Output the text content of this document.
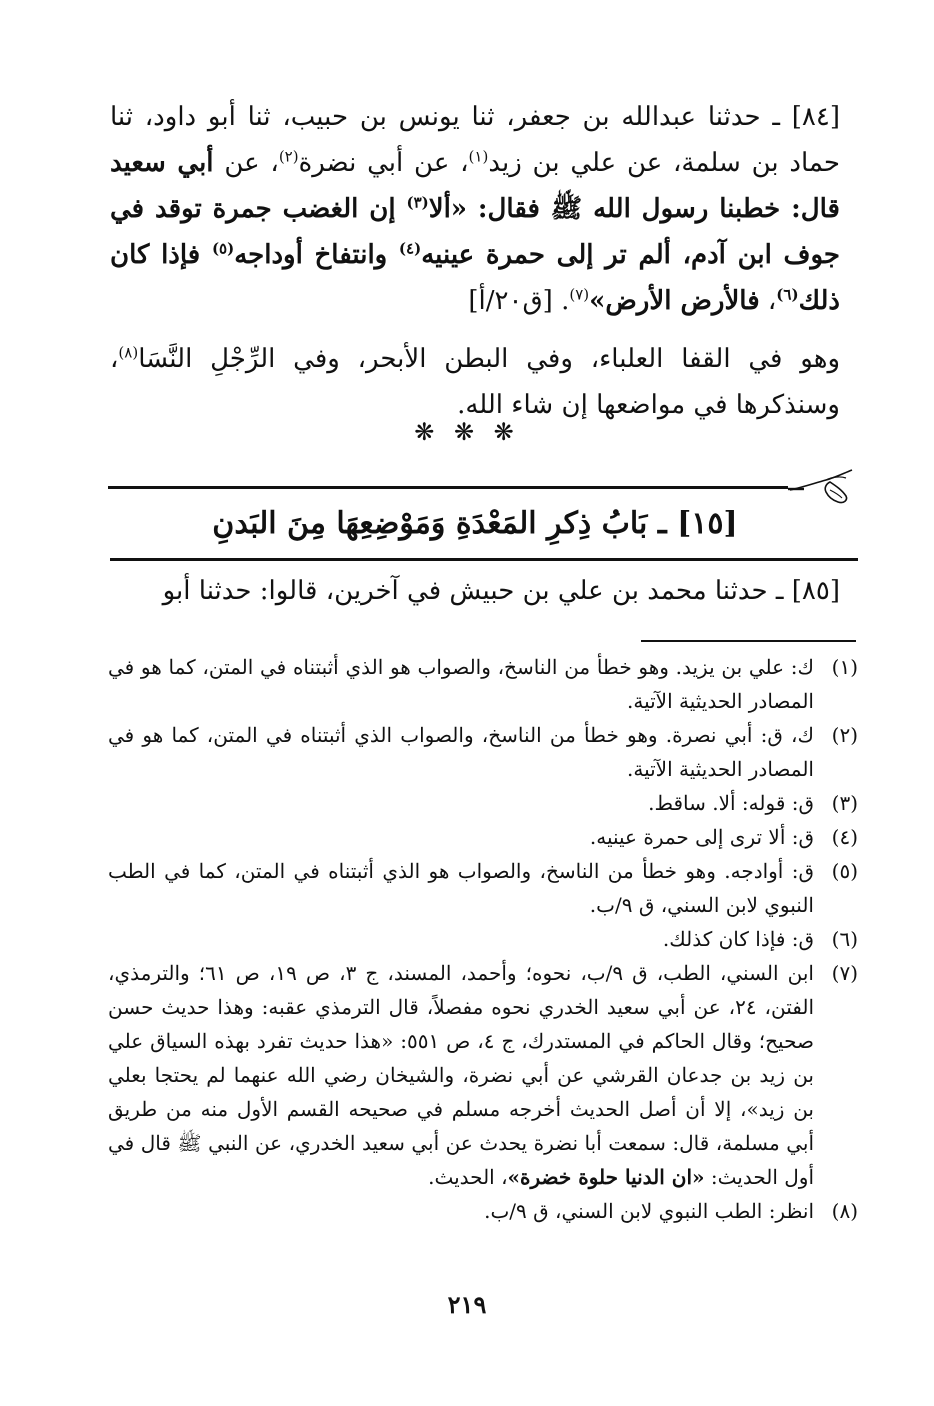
[٨٤] ـ حدثنا عبدالله بن جعفر، ثنا يونس بن حبيب، ثنا أبو داود، ثنا حماد بن سلمة، عن علي بن زيد$^{(١)}$، عن أبي نضرة$^{(٢)}$، عن أبي سعيد قال: خطبنا رسول الله ﷺ فقال: «ألا$^{(٣)}$ إن الغضب جمرة توقد في جوف ابن آدم، ألم تر إلى حمرة عينيه$^{(٤)}$ وانتفاخ أوداجه$^{(٥)}$ فإذا كان ذلك$^{(٦)}$، فالأرض الأرض»$^{(٧)}$. [ق٢٠/أ]

وهو في القفا العلباء، وفي البطن الأبحر، وفي الرِّجْلِ النَّسَا$^{(٨)}$، وسنذكرها في مواضعها إن شاء الله.

❋ ❋ ❋
[١٥] ـ بَابُ ذِكرِ المَعْدَةِ وَمَوْضِعِهَا مِنَ البَدنِ

[٨٥] ـ حدثنا محمد بن علي بن حبيش في آخرين، قالوا: حدثنا أبو

(١)
ك: علي بن يزيد. وهو خطأ من الناسخ، والصواب هو الذي أثبتناه في المتن، كما هو في المصادر الحديثية الآتية.
(٢)
ك، ق: أبي نصرة. وهو خطأ من الناسخ، والصواب الذي أثبتناه في المتن، كما هو في المصادر الحديثية الآتية.
(٣)
ق: قوله: ألا. ساقط.
(٤)
ق: ألا ترى إلى حمرة عينيه.
(٥)
ق: أوادجه. وهو خطأ من الناسخ، والصواب هو الذي أثبتناه في المتن، كما في الطب النبوي لابن السني، ق ٩/ب.
(٦)
ق: فإذا كان كذلك.
(٧)
ابن السني، الطب، ق ٩/ب، نحوه؛ وأحمد، المسند، ج ٣، ص ١٩، ص ٦١؛ والترمذي، الفتن، ٢٤، عن أبي سعيد الخدري نحوه مفصلاً، قال الترمذي عقبه: وهذا حديث حسن صحيح؛ وقال الحاكم في المستدرك، ج ٤، ص ٥٥١: «هذا حديث تفرد بهذه السياق علي بن زيد بن جدعان القرشي عن أبي نضرة، والشيخان رضي الله عنهما لم يحتجا بعلي بن زيد»، إلا أن أصل الحديث أخرجه مسلم في صحيحه القسم الأول منه من طريق أبي مسلمة، قال: سمعت أبا نضرة يحدث عن أبي سعيد الخدري، عن النبي ﷺ قال في أول الحديث: «ان الدنيا حلوة خضرة»، الحديث.
(٨)
انظر: الطب النبوي لابن السني، ق ٩/ب.
٢١٩
